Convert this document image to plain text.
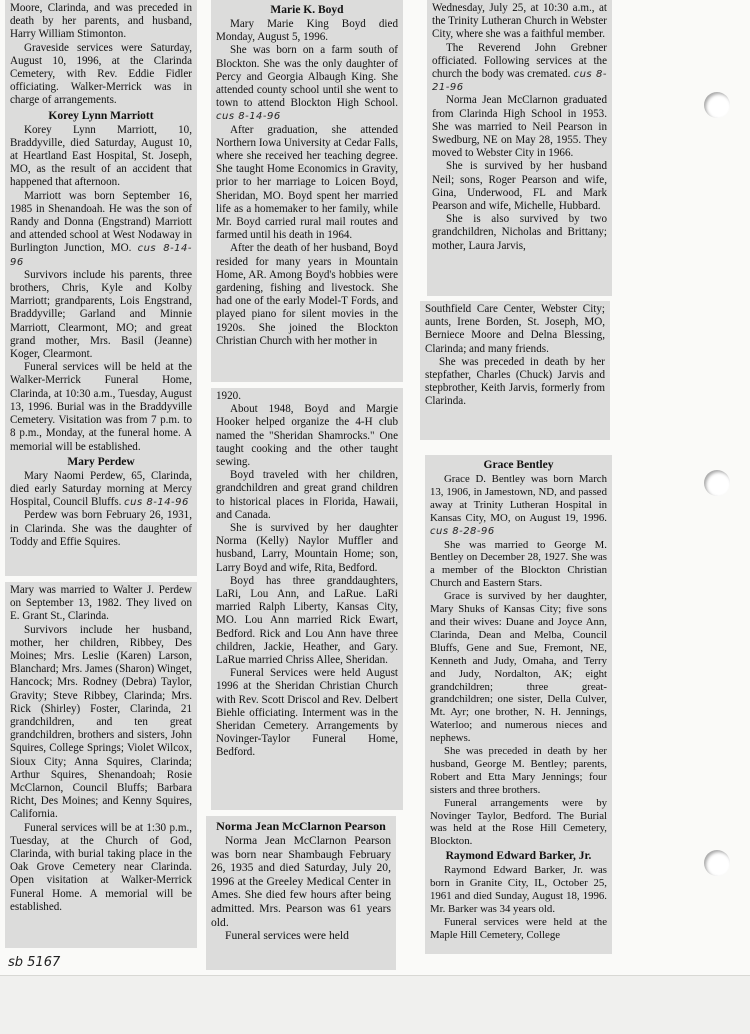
Moore, Clarinda, and was preceded in death by her parents, and husband, Harry William Stimonton.

Graveside services were Saturday, August 10, 1996, at the Clarinda Cemetery, with Rev. Eddie Fidler officiating. Walker-Merrick was in charge of arrangements.

Korey Lynn Marriott

Korey Lynn Marriott, 10, Braddyville, died Saturday, August 10, at Heartland East Hospital, St. Joseph, MO, as the result of an accident that happened that afternoon.

Marriott was born September 16, 1985 in Shenandoah. He was the son of Randy and Donna (Engstrand) Marriott and attended school at West Nodaway in Burlington Junction, MO. cus 8-14-96

Survivors include his parents, three brothers, Chris, Kyle and Kolby Marriott; grandparents, Lois Engstrand, Braddyville; Garland and Minnie Marriott, Clearmont, MO; and great grand mother, Mrs. Basil (Jeanne) Koger, Clearmont.

Funeral services will be held at the Walker-Merrick Funeral Home, Clarinda, at 10:30 a.m., Tuesday, August 13, 1996. Burial was in the Braddyville Cemetery. Visitation was from 7 p.m. to 8 p.m., Monday, at the funeral home. A memorial will be established.

Mary Perdew

Mary Naomi Perdew, 65, Clarinda, died early Saturday morning at Mercy Hospital, Council Bluffs. cus 8-14-96

Perdew was born February 26, 1931, in Clarinda. She was the daughter of Toddy and Effie Squires.

Mary was married to Walter J. Perdew on September 13, 1982. They lived on E. Grant St., Clarinda.

Survivors include her husband, mother, her children, Ribbey, Des Moines; Mrs. Leslie (Karen) Larson, Blanchard; Mrs. James (Sharon) Winget, Hancock; Mrs. Rodney (Debra) Taylor, Gravity; Steve Ribbey, Clarinda; Mrs. Rick (Shirley) Foster, Clarinda, 21 grandchildren, and ten great grandchildren, brothers and sisters, John Squires, College Springs; Violet Wilcox, Sioux City; Anna Squires, Clarinda; Arthur Squires, Shenandoah; Rosie McClarnon, Council Bluffs; Barbara Richt, Des Moines; and Kenny Squires, California.

Funeral services will be at 1:30 p.m., Tuesday, at the Church of God, Clarinda, with burial taking place in the Oak Grove Cemetery near Clarinda. Open visitation at Walker-Merrick Funeral Home. A memorial will be established.

Marie K. Boyd

Mary Marie King Boyd died Monday, August 5, 1996.

She was born on a farm south of Blockton. She was the only daughter of Percy and Georgia Albaugh King. She attended county school until she went to town to attend Blockton High School. cus 8-14-96

After graduation, she attended Northern Iowa University at Cedar Falls, where she received her teaching degree. She taught Home Economics in Gravity, prior to her marriage to Loicen Boyd, Sheridan, MO. Boyd spent her married life as a homemaker to her family, while Mr. Boyd carried rural mail routes and farmed until his death in 1964.

After the death of her husband, Boyd resided for many years in Mountain Home, AR. Among Boyd's hobbies were gardening, fishing and livestock. She had one of the early Model-T Fords, and played piano for silent movies in the 1920s. She joined the Blockton Christian Church with her mother in

1920.

About 1948, Boyd and Margie Hooker helped organize the 4-H club named the "Sheridan Shamrocks." One taught cooking and the other taught sewing.

Boyd traveled with her children, grandchildren and great grand children to historical places in Florida, Hawaii, and Canada.

She is survived by her daughter Norma (Kelly) Naylor Muffler and husband, Larry, Mountain Home; son, Larry Boyd and wife, Rita, Bedford.

Boyd has three granddaughters, LaRi, Lou Ann, and LaRue. LaRi married Ralph Liberty, Kansas City, MO. Lou Ann married Rick Ewart, Bedford. Rick and Lou Ann have three children, Jackie, Heather, and Gary. LaRue married Chriss Allee, Sheridan.

Funeral Services were held August 1996 at the Sheridan Christian Church with Rev. Scott Driscol and Rev. Delbert Biehle officiating. Interment was in the Sheridan Cemetery. Arrangements by Novinger-Taylor Funeral Home, Bedford.

Norma Jean McClarnon Pearson

Norma Jean McClarnon Pearson was born near Shambaugh February 26, 1935 and died Saturday, July 20, 1996 at the Greeley Medical Center in Ames. She died few hours after being admitted. Mrs. Pearson was 61 years old.

Funeral services were held

Wednesday, July 25, at 10:30 a.m., at the Trinity Lutheran Church in Webster City, where she was a faithful member.

The Reverend John Grebner officiated. Following services at the church the body was cremated. cus 8-21-96

Norma Jean McClarnon graduated from Clarinda High School in 1953. She was married to Neil Pearson in Swedburg, NE on May 28, 1955. They moved to Webster City in 1966.

She is survived by her husband Neil; sons, Roger Pearson and wife, Gina, Underwood, FL and Mark Pearson and wife, Michelle, Hubbard.

She is also survived by two grandchildren, Nicholas and Brittany; mother, Laura Jarvis,

Southfield Care Center, Webster City; aunts, Irene Borden, St. Joseph, MO, Berniece Moore and Delna Blessing, Clarinda; and many friends.

She was preceded in death by her stepfather, Charles (Chuck) Jarvis and stepbrother, Keith Jarvis, formerly from Clarinda.

Grace Bentley

Grace D. Bentley was born March 13, 1906, in Jamestown, ND, and passed away at Trinity Lutheran Hospital in Kansas City, MO, on August 19, 1996. cus 8-28-96

She was married to George M. Bentley on December 28, 1927. She was a member of the Blockton Christian Church and Eastern Stars.

Grace is survived by her daughter, Mary Shuks of Kansas City; five sons and their wives: Duane and Joyce Ann, Clarinda, Dean and Melba, Council Bluffs, Gene and Sue, Fremont, NE, Kenneth and Judy, Omaha, and Terry and Judy, Nordalton, AK; eight grandchildren; three great-grandchildren; one sister, Della Culver, Mt. Ayr; one brother, N. H. Jennings, Waterloo; and numerous nieces and nephews.

She was preceded in death by her husband, George M. Bentley; parents, Robert and Etta Mary Jennings; four sisters and three brothers.

Funeral arrangements were by Novinger Taylor, Bedford. The Burial was held at the Rose Hill Cemetery, Blockton.

Raymond Edward Barker, Jr.

Raymond Edward Barker, Jr. was born in Granite City, IL, October 25, 1961 and died Sunday, August 18, 1996. Mr. Barker was 34 years old.

Funeral services were held at the Maple Hill Cemetery, College

sb 5167
